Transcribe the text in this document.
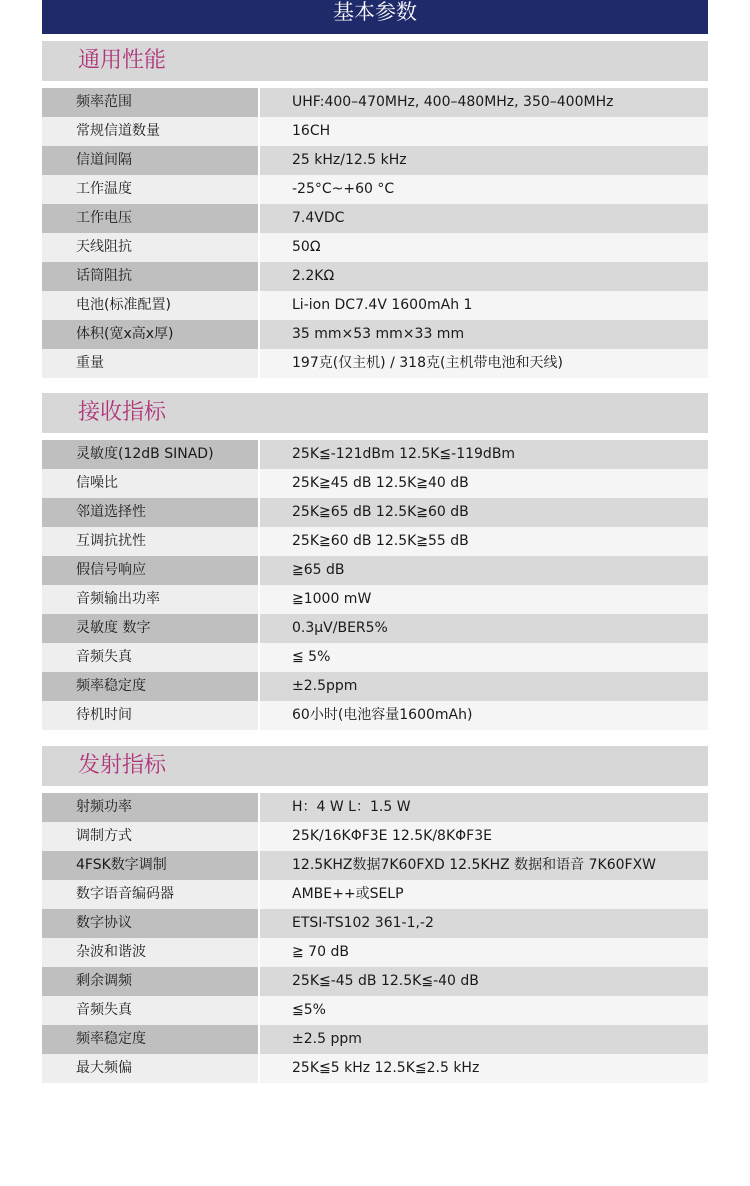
基本参数
通用性能
频率范围	UHF:400–470MHz, 400–480MHz, 350–400MHz
常规信道数量	16CH
信道间隔	25 kHz/12.5 kHz
工作温度	-25°C~+60 °C
工作电压	7.4VDC
天线阻抗	50Ω
话筒阻抗	2.2KΩ
电池(标准配置)	Li-ion DC7.4V 1600mAh 1
体积(宽x高x厚)	35 mm×53 mm×33 mm
重量	197克(仅主机) / 318克(主机带电池和天线)
接收指标
灵敏度(12dB SINAD)	25K≦-121dBm 12.5K≦-119dBm
信噪比	25K≧45 dB 12.5K≧40 dB
邻道选择性	25K≧65 dB 12.5K≧60 dB
互调抗扰性	25K≧60 dB 12.5K≧55 dB
假信号响应	≧65 dB
音频输出功率	≧1000 mW
灵敏度 数字	0.3μV/BER5%
音频失真	≦ 5%
频率稳定度	±2.5ppm
待机时间	60小时(电池容量1600mAh)
发射指标
射频功率	H：4 W L：1.5 W
调制方式	25K/16KΦF3E 12.5K/8KΦF3E
4FSK数字调制	12.5KHZ数据7K60FXD 12.5KHZ 数据和语音 7K60FXW
数字语音编码器	AMBE++或SELP
数字协议	ETSI-TS102 361-1,-2
杂波和谐波	≧ 70 dB
剩余调频	25K≦-45 dB 12.5K≦-40 dB
音频失真	≦5%
频率稳定度	±2.5 ppm
最大频偏	25K≦5 kHz 12.5K≦2.5 kHz
